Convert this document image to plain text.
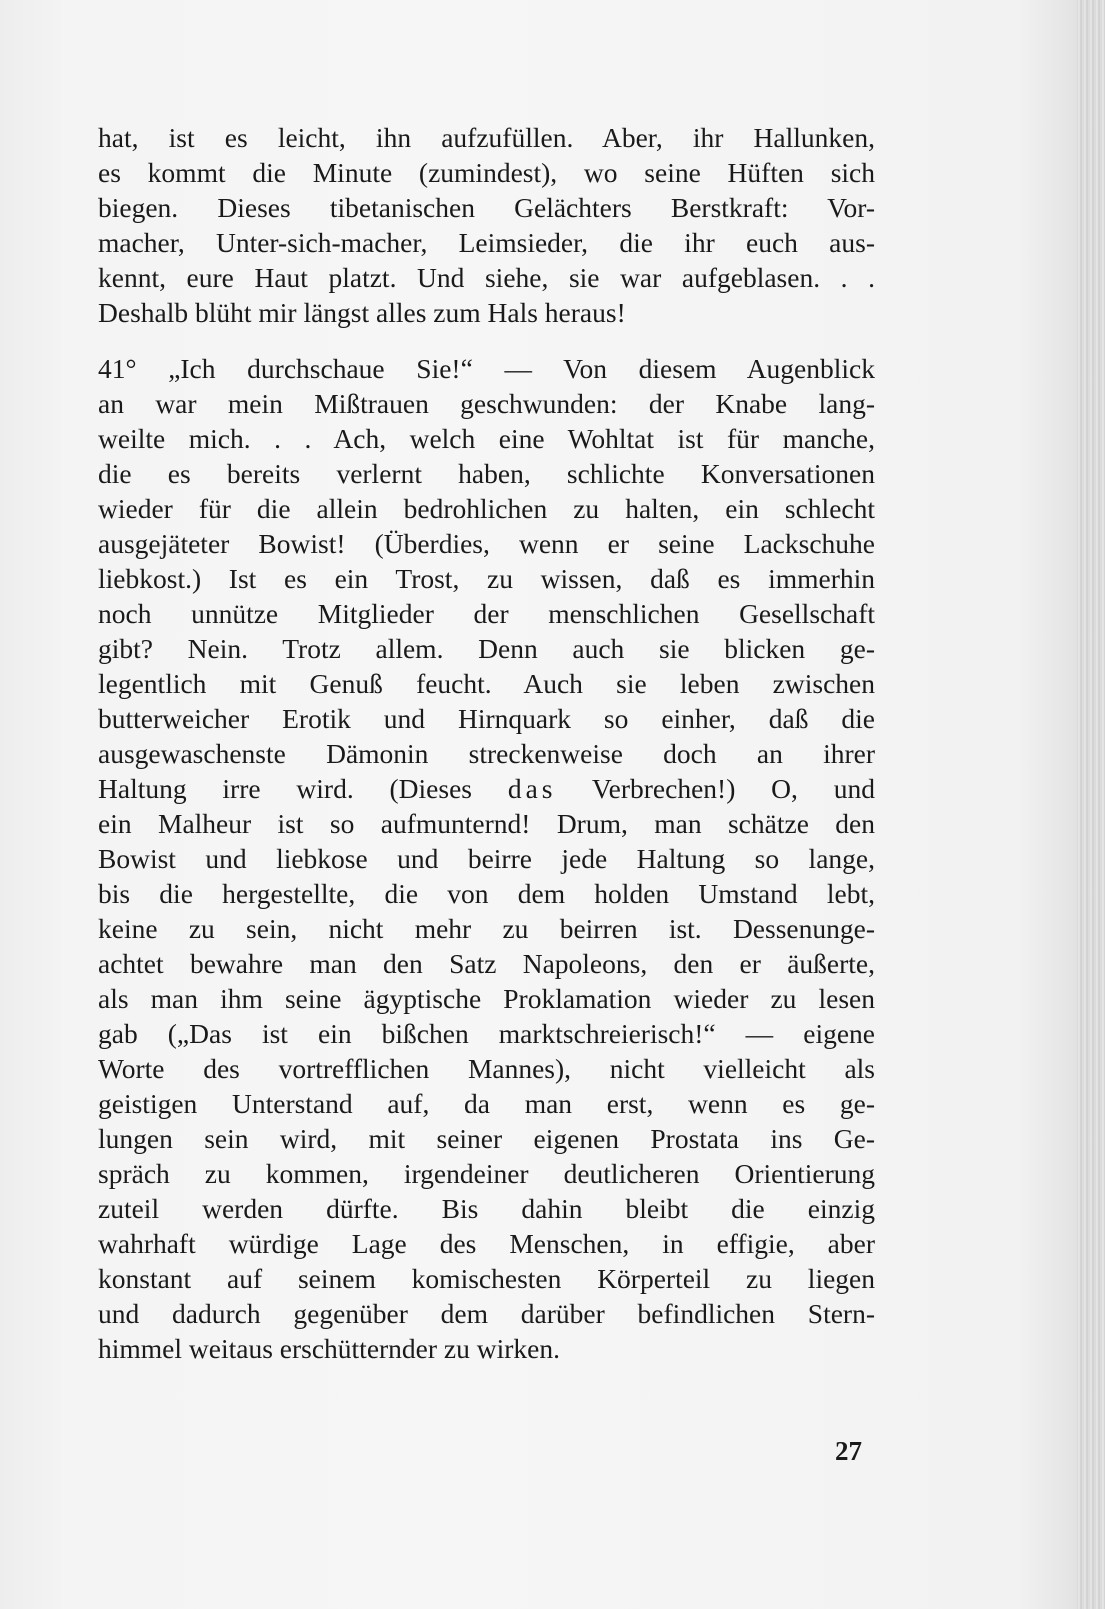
hat, ist es leicht, ihn aufzufüllen. Aber, ihr Hallunken,
es kommt die Minute (zumindest), wo seine Hüften sich
biegen. Dieses tibetanischen Gelächters Berstkraft: Vor-
macher, Unter-sich-macher, Leimsieder, die ihr euch aus-
kennt, eure Haut platzt. Und siehe, sie war aufgeblasen. . .
Deshalb blüht mir längst alles zum Hals heraus!
41° „Ich durchschaue Sie!“ — Von diesem Augenblick
an war mein Mißtrauen geschwunden: der Knabe lang-
weilte mich. . . Ach, welch eine Wohltat ist für manche,
die es bereits verlernt haben, schlichte Konversationen
wieder für die allein bedrohlichen zu halten, ein schlecht
ausgejäteter Bowist! (Überdies, wenn er seine Lackschuhe
liebkost.) Ist es ein Trost, zu wissen, daß es immerhin
noch unnütze Mitglieder der menschlichen Gesellschaft
gibt? Nein. Trotz allem. Denn auch sie blicken ge-
legentlich mit Genuß feucht. Auch sie leben zwischen
butterweicher Erotik und Hirnquark so einher, daß die
ausgewaschenste Dämonin streckenweise doch an ihrer
Haltung irre wird. (Dieses das Verbrechen!) O, und
ein Malheur ist so aufmunternd! Drum, man schätze den
Bowist und liebkose und beirre jede Haltung so lange,
bis die hergestellte, die von dem holden Umstand lebt,
keine zu sein, nicht mehr zu beirren ist. Dessenunge-
achtet bewahre man den Satz Napoleons, den er äußerte,
als man ihm seine ägyptische Proklamation wieder zu lesen
gab („Das ist ein bißchen marktschreierisch!“ — eigene
Worte des vortrefflichen Mannes), nicht vielleicht als
geistigen Unterstand auf, da man erst, wenn es ge-
lungen sein wird, mit seiner eigenen Prostata ins Ge-
spräch zu kommen, irgendeiner deutlicheren Orientierung
zuteil werden dürfte. Bis dahin bleibt die einzig
wahrhaft würdige Lage des Menschen, in effigie, aber
konstant auf seinem komischesten Körperteil zu liegen
und dadurch gegenüber dem darüber befindlichen Stern-
himmel weitaus erschütternder zu wirken.
27
